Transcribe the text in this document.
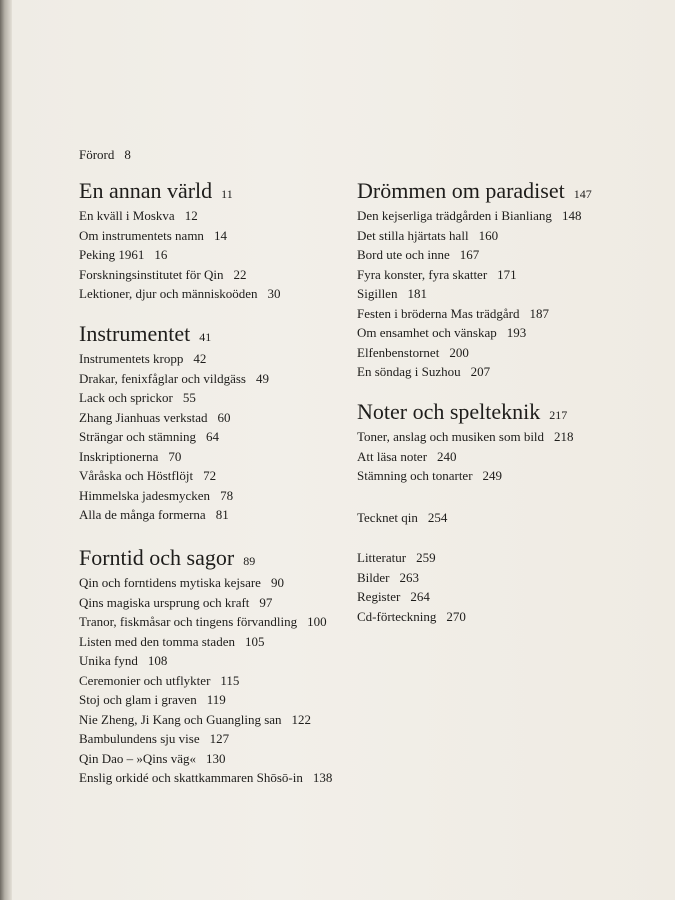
Förord 8
En annan värld 11
En kväll i Moskva 12
Om instrumentets namn 14
Peking 1961 16
Forskningsinstitutet för Qin 22
Lektioner, djur och människoöden 30
Instrumentet 41
Instrumentets kropp 42
Drakar, fenixfåglar och vildgäss 49
Lack och sprickor 55
Zhang Jianhuas verkstad 60
Strängar och stämning 64
Inskriptionerna 70
Våråska och Höstflöjt 72
Himmelska jadesmycken 78
Alla de många formerna 81
Forntid och sagor 89
Qin och forntidens mytiska kejsare 90
Qins magiska ursprung och kraft 97
Tranor, fiskmåsar och tingens förvandling 100
Listen med den tomma staden 105
Unika fynd 108
Ceremonier och utflykter 115
Stoj och glam i graven 119
Nie Zheng, Ji Kang och Guangling san 122
Bambulundens sju vise 127
Qin Dao – »Qins väg« 130
Enslig orkidé och skattkammaren Shōsō-in 138
Drömmen om paradiset 147
Den kejserliga trädgården i Bianliang 148
Det stilla hjärtats hall 160
Bord ute och inne 167
Fyra konster, fyra skatter 171
Sigillen 181
Festen i bröderna Mas trädgård 187
Om ensamhet och vänskap 193
Elfenbenstornet 200
En söndag i Suzhou 207
Noter och spelteknik 217
Toner, anslag och musiken som bild 218
Att läsa noter 240
Stämning och tonarter 249
Tecknet qin 254
Litteratur 259
Bilder 263
Register 264
Cd-förteckning 270
